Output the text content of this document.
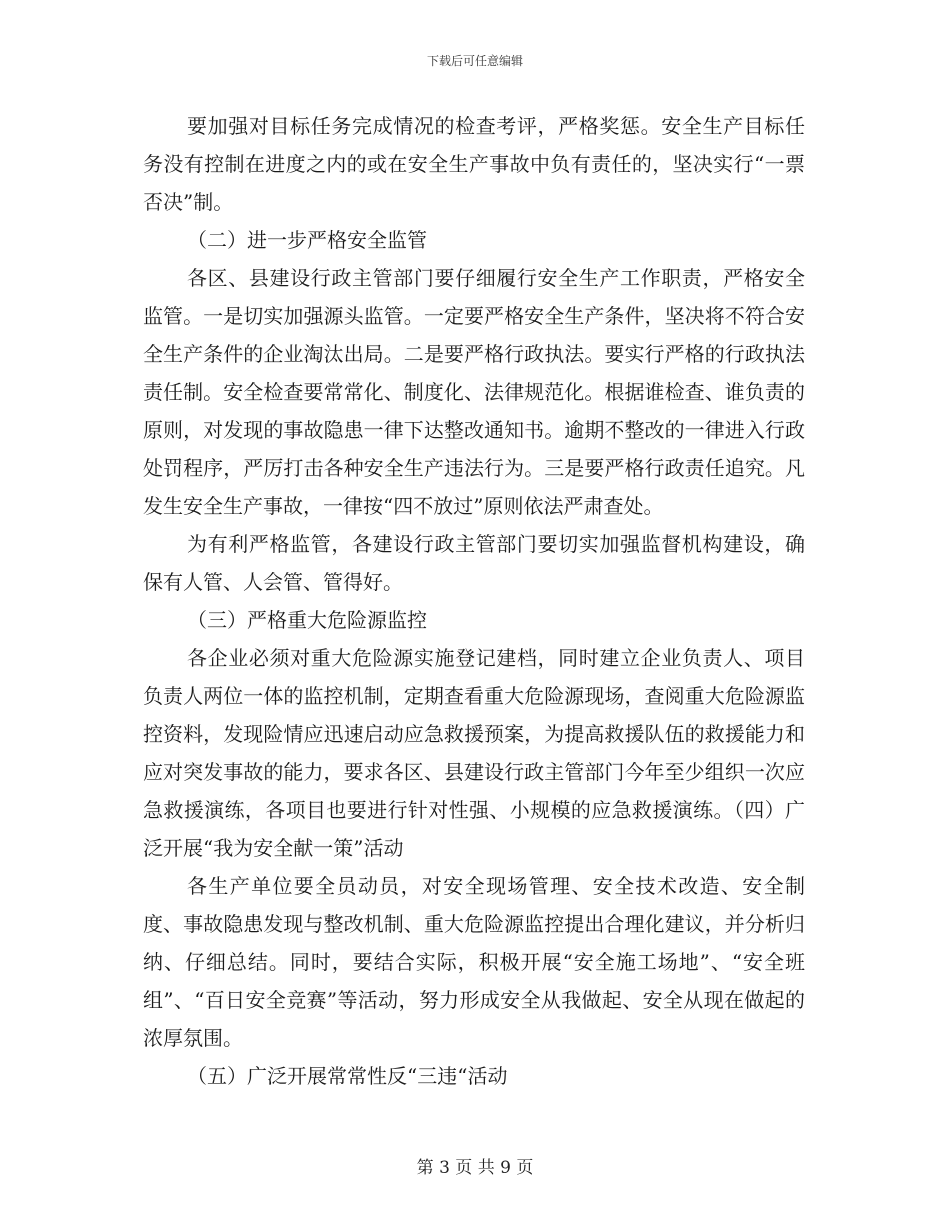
下载后可任意编辑

要加强对目标任务完成情况的检查考评，严格奖惩。安全生产目标任务没有控制在进度之内的或在安全生产事故中负有责任的，坚决实行“一票否决”制。

（二）进一步严格安全监管

各区、县建设行政主管部门要仔细履行安全生产工作职责，严格安全监管。一是切实加强源头监管。一定要严格安全生产条件，坚决将不符合安全生产条件的企业淘汰出局。二是要严格行政执法。要实行严格的行政执法责任制。安全检查要常常化、制度化、法律规范化。根据谁检查、谁负责的原则，对发现的事故隐患一律下达整改通知书。逾期不整改的一律进入行政处罚程序，严厉打击各种安全生产违法行为。三是要严格行政责任追究。凡发生安全生产事故，一律按“四不放过”原则依法严肃查处。

为有利严格监管，各建设行政主管部门要切实加强监督机构建设，确保有人管、人会管、管得好。

（三）严格重大危险源监控

各企业必须对重大危险源实施登记建档，同时建立企业负责人、项目负责人两位一体的监控机制，定期查看重大危险源现场，查阅重大危险源监控资料，发现险情应迅速启动应急救援预案，为提高救援队伍的救援能力和应对突发事故的能力，要求各区、县建设行政主管部门今年至少组织一次应急救援演练，各项目也要进行针对性强、小规模的应急救援演练。（四）广泛开展“我为安全献一策”活动

各生产单位要全员动员，对安全现场管理、安全技术改造、安全制度、事故隐患发现与整改机制、重大危险源监控提出合理化建议，并分析归纳、仔细总结。同时，要结合实际，积极开展“安全施工场地”、“安全班组”、“百日安全竞赛”等活动，努力形成安全从我做起、安全从现在做起的浓厚氛围。

（五）广泛开展常常性反“三违“活动

第 3 页 共 9 页
